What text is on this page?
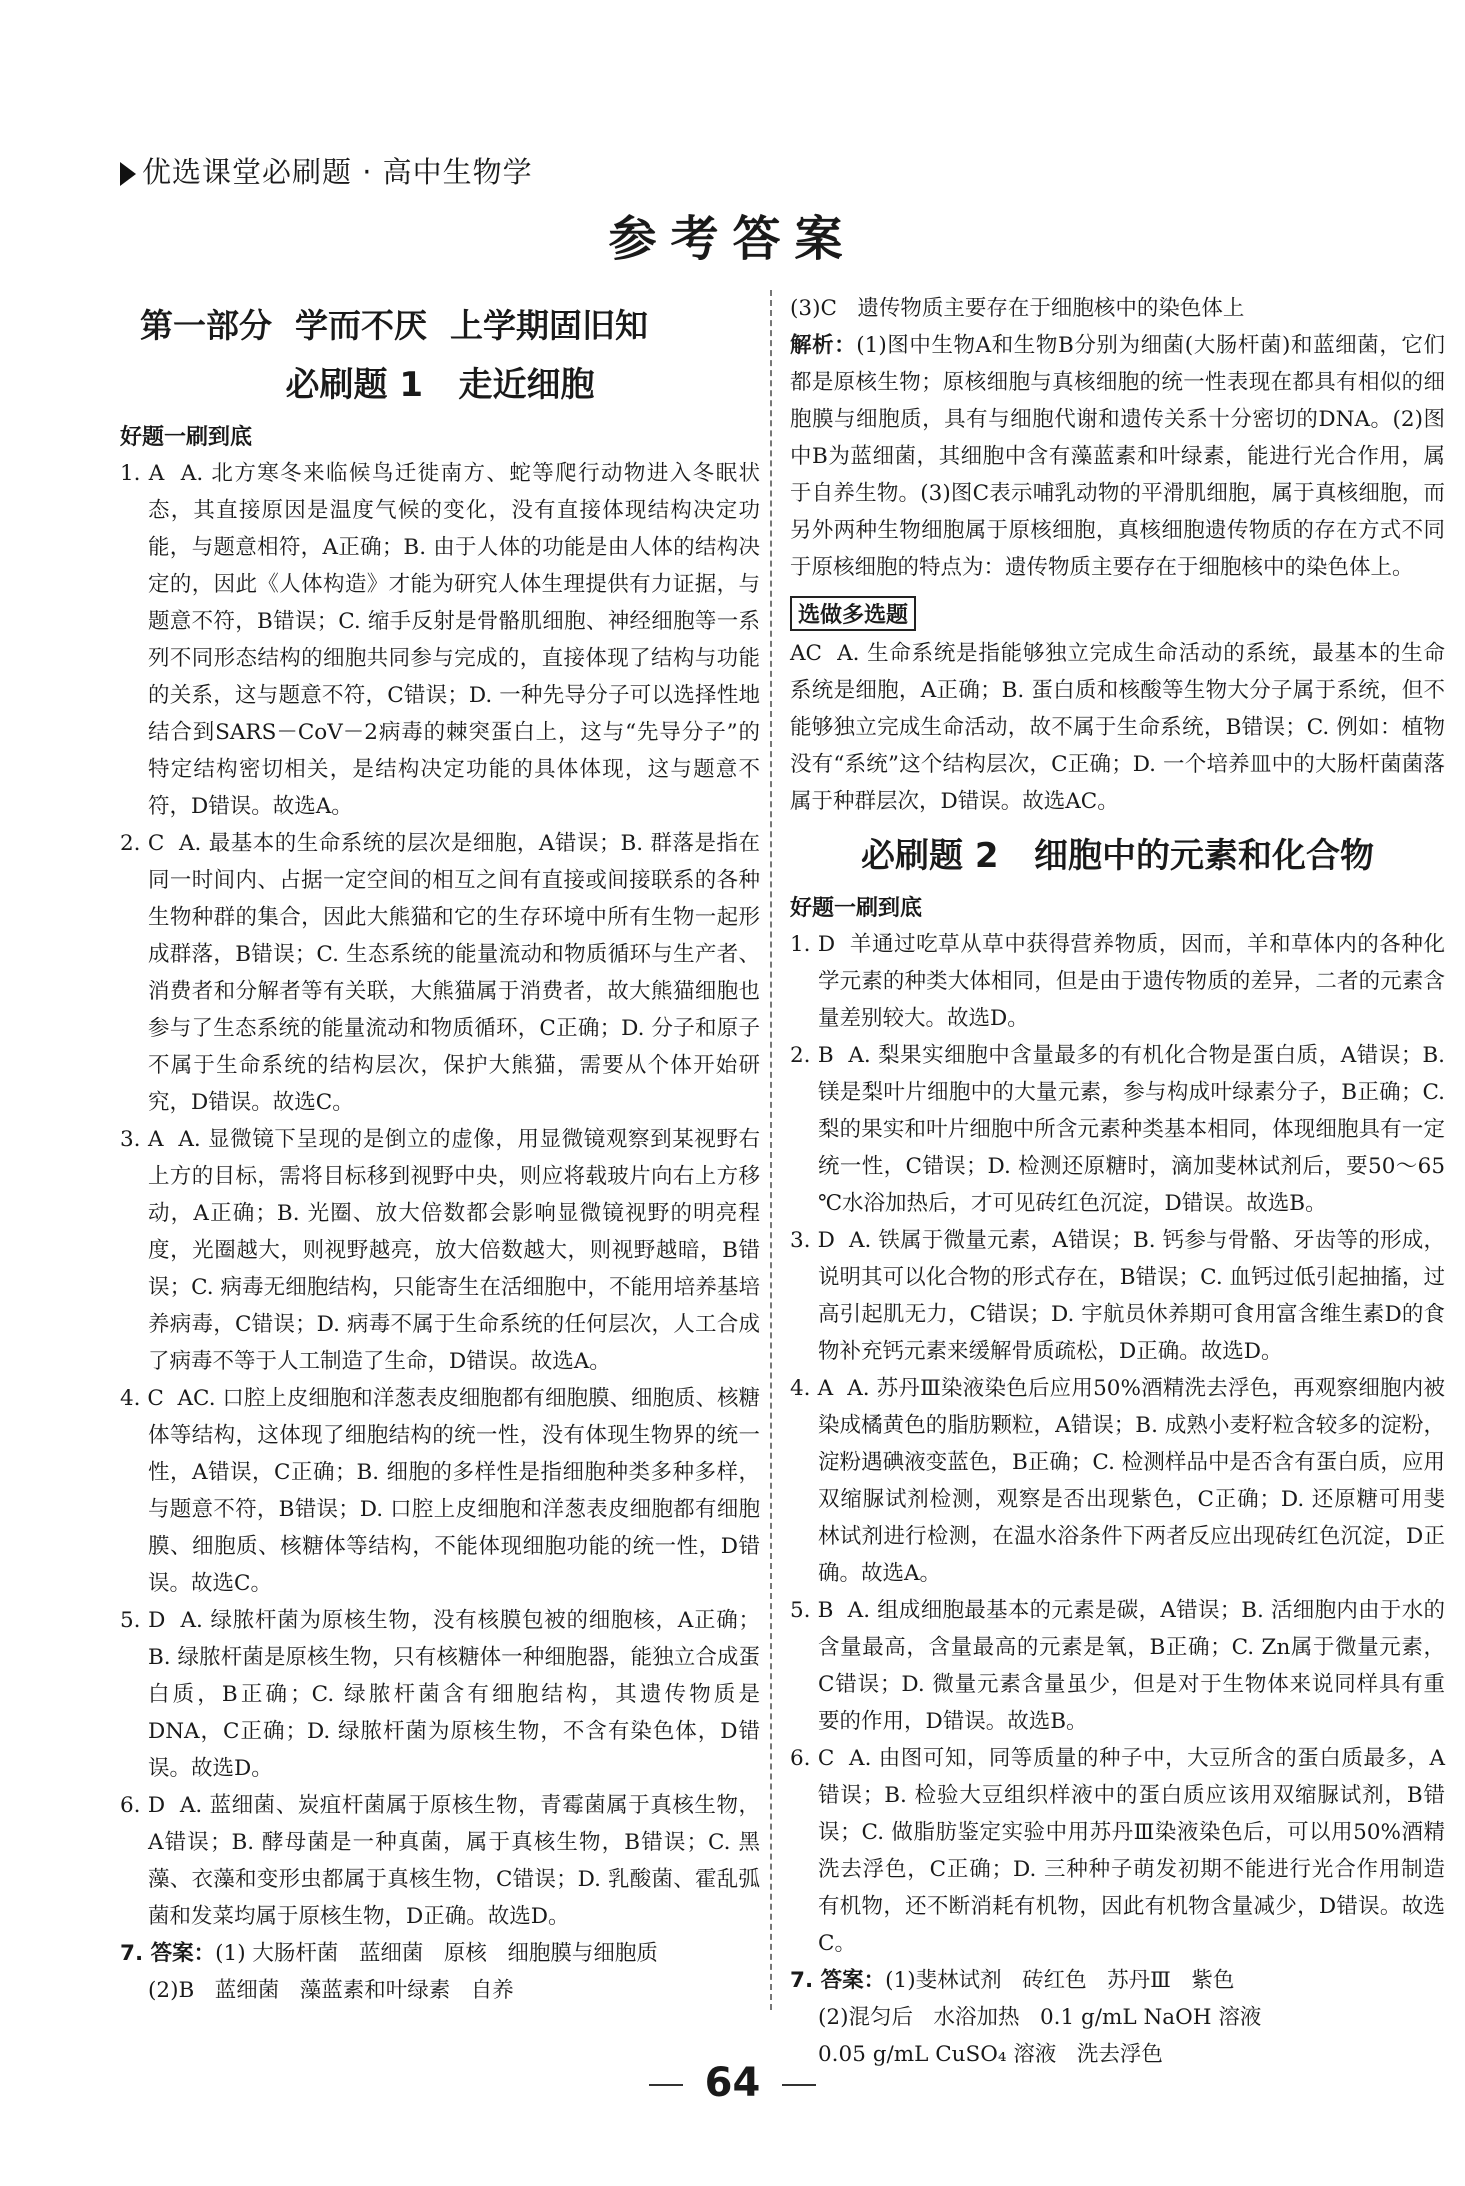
优选课堂必刷题 · 高中生物学
参考答案
第一部分  学而不厌  上学期固旧知
必刷题 1   走近细胞
好题一刷到底

1. A  A. 北方寒冬来临候鸟迁徙南方、蛇等爬行动物进入冬眠状态，其直接原因是温度气候的变化，没有直接体现结构决定功能，与题意相符，A正确；B. 由于人体的功能是由人体的结构决定的，因此《人体构造》才能为研究人体生理提供有力证据，与题意不符，B错误；C. 缩手反射是骨骼肌细胞、神经细胞等一系列不同形态结构的细胞共同参与完成的，直接体现了结构与功能的关系，这与题意不符，C错误；D. 一种先导分子可以选择性地结合到SARS－CoV－2病毒的棘突蛋白上，这与“先导分子”的特定结构密切相关，是结构决定功能的具体体现，这与题意不符，D错误。故选A。

2. C  A. 最基本的生命系统的层次是细胞，A错误；B. 群落是指在同一时间内、占据一定空间的相互之间有直接或间接联系的各种生物种群的集合，因此大熊猫和它的生存环境中所有生物一起形成群落，B错误；C. 生态系统的能量流动和物质循环与生产者、消费者和分解者等有关联，大熊猫属于消费者，故大熊猫细胞也参与了生态系统的能量流动和物质循环，C正确；D. 分子和原子不属于生命系统的结构层次，保护大熊猫，需要从个体开始研究，D错误。故选C。

3. A  A. 显微镜下呈现的是倒立的虚像，用显微镜观察到某视野右上方的目标，需将目标移到视野中央，则应将载玻片向右上方移动，A正确；B. 光圈、放大倍数都会影响显微镜视野的明亮程度，光圈越大，则视野越亮，放大倍数越大，则视野越暗，B错误；C. 病毒无细胞结构，只能寄生在活细胞中，不能用培养基培养病毒，C错误；D. 病毒不属于生命系统的任何层次，人工合成了病毒不等于人工制造了生命，D错误。故选A。

4. C  AC. 口腔上皮细胞和洋葱表皮细胞都有细胞膜、细胞质、核糖体等结构，这体现了细胞结构的统一性，没有体现生物界的统一性，A错误，C正确；B. 细胞的多样性是指细胞种类多种多样，与题意不符，B错误；D. 口腔上皮细胞和洋葱表皮细胞都有细胞膜、细胞质、核糖体等结构，不能体现细胞功能的统一性，D错误。故选C。

5. D  A. 绿脓杆菌为原核生物，没有核膜包被的细胞核，A正确；B. 绿脓杆菌是原核生物，只有核糖体一种细胞器，能独立合成蛋白质，B正确；C. 绿脓杆菌含有细胞结构，其遗传物质是DNA，C正确；D. 绿脓杆菌为原核生物，不含有染色体，D错误。故选D。

6. D  A. 蓝细菌、炭疽杆菌属于原核生物，青霉菌属于真核生物，A错误；B. 酵母菌是一种真菌，属于真核生物，B错误；C. 黑藻、衣藻和变形虫都属于真核生物，C错误；D. 乳酸菌、霍乱弧菌和发菜均属于原核生物，D正确。故选D。

7. 答案：(1) 大肠杆菌   蓝细菌   原核   细胞膜与细胞质

(2)B   蓝细菌   藻蓝素和叶绿素   自养

(3)C   遗传物质主要存在于细胞核中的染色体上

解析：(1)图中生物A和生物B分别为细菌(大肠杆菌)和蓝细菌，它们都是原核生物；原核细胞与真核细胞的统一性表现在都具有相似的细胞膜与细胞质，具有与细胞代谢和遗传关系十分密切的DNA。(2)图中B为蓝细菌，其细胞中含有藻蓝素和叶绿素，能进行光合作用，属于自养生物。(3)图C表示哺乳动物的平滑肌细胞，属于真核细胞，而另外两种生物细胞属于原核细胞，真核细胞遗传物质的存在方式不同于原核细胞的特点为：遗传物质主要存在于细胞核中的染色体上。

选做多选题

AC  A. 生命系统是指能够独立完成生命活动的系统，最基本的生命系统是细胞，A正确；B. 蛋白质和核酸等生物大分子属于系统，但不能够独立完成生命活动，故不属于生命系统，B错误；C. 例如：植物没有“系统”这个结构层次，C正确；D. 一个培养皿中的大肠杆菌菌落属于种群层次，D错误。故选AC。

必刷题 2   细胞中的元素和化合物
好题一刷到底

1. D  羊通过吃草从草中获得营养物质，因而，羊和草体内的各种化学元素的种类大体相同，但是由于遗传物质的差异，二者的元素含量差别较大。故选D。

2. B  A. 梨果实细胞中含量最多的有机化合物是蛋白质，A错误；B. 镁是梨叶片细胞中的大量元素，参与构成叶绿素分子，B正确；C. 梨的果实和叶片细胞中所含元素种类基本相同，体现细胞具有一定统一性，C错误；D. 检测还原糖时，滴加斐林试剂后，要50～65 ℃水浴加热后，才可见砖红色沉淀，D错误。故选B。

3. D  A. 铁属于微量元素，A错误；B. 钙参与骨骼、牙齿等的形成，说明其可以化合物的形式存在，B错误；C. 血钙过低引起抽搐，过高引起肌无力，C错误；D. 宇航员休养期可食用富含维生素D的食物补充钙元素来缓解骨质疏松，D正确。故选D。

4. A  A. 苏丹Ⅲ染液染色后应用50%酒精洗去浮色，再观察细胞内被染成橘黄色的脂肪颗粒，A错误；B. 成熟小麦籽粒含较多的淀粉，淀粉遇碘液变蓝色，B正确；C. 检测样品中是否含有蛋白质，应用双缩脲试剂检测，观察是否出现紫色，C正确；D. 还原糖可用斐林试剂进行检测，在温水浴条件下两者反应出现砖红色沉淀，D正确。故选A。

5. B  A. 组成细胞最基本的元素是碳，A错误；B. 活细胞内由于水的含量最高，含量最高的元素是氧，B正确；C. Zn属于微量元素，C错误；D. 微量元素含量虽少，但是对于生物体来说同样具有重要的作用，D错误。故选B。

6. C  A. 由图可知，同等质量的种子中，大豆所含的蛋白质最多，A错误；B. 检验大豆组织样液中的蛋白质应该用双缩脲试剂，B错误；C. 做脂肪鉴定实验中用苏丹Ⅲ染液染色后，可以用50%酒精洗去浮色，C正确；D. 三种种子萌发初期不能进行光合作用制造有机物，还不断消耗有机物，因此有机物含量减少，D错误。故选C。

7. 答案：(1)斐林试剂   砖红色   苏丹Ⅲ   紫色

(2)混匀后   水浴加热   0.1 g/mL NaOH 溶液
0.05 g/mL CuSO₄ 溶液   洗去浮色
64
